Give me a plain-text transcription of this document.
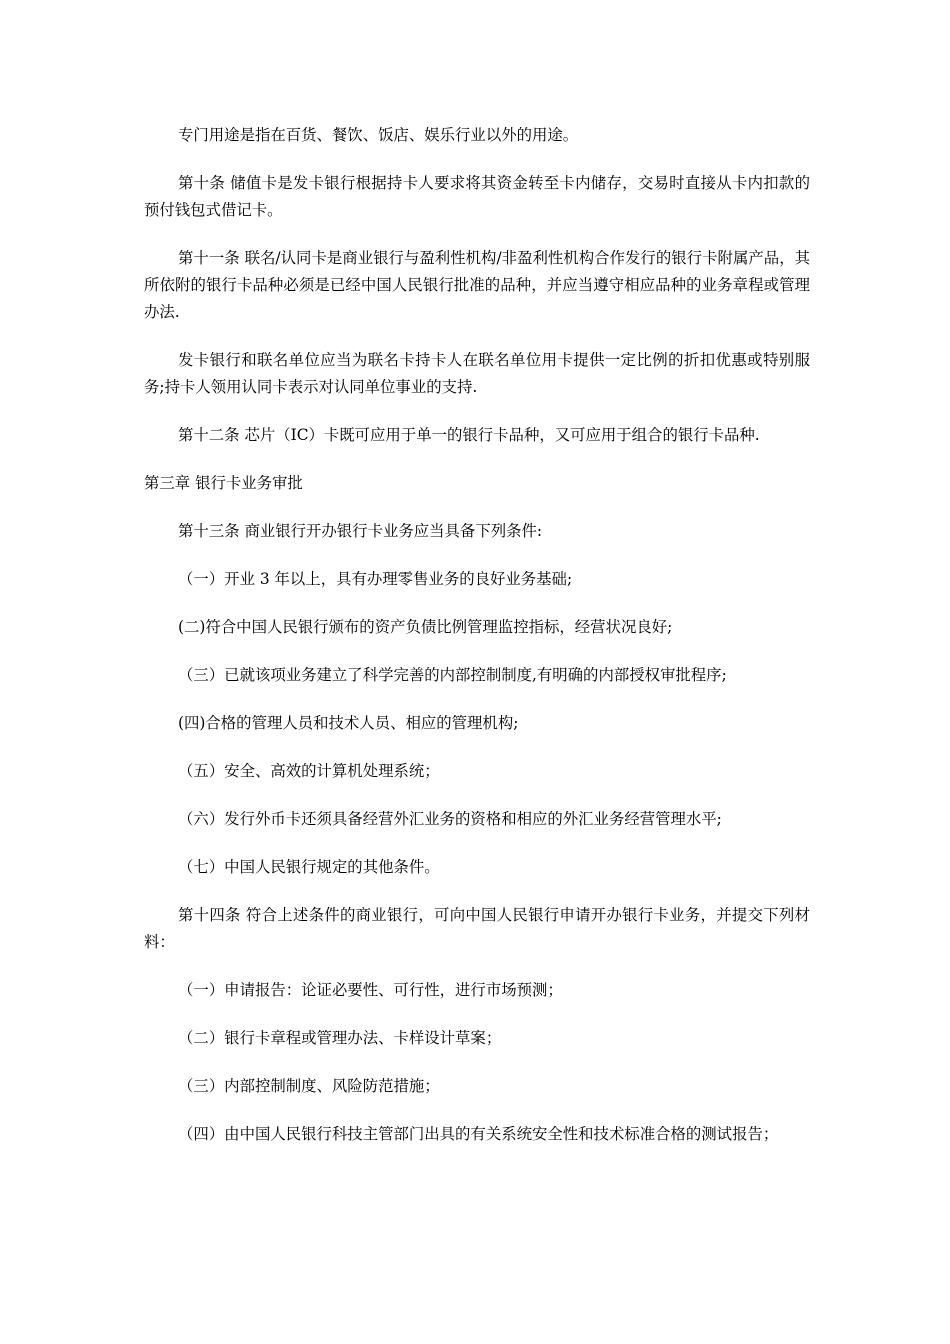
专门用途是指在百货、餐饮、饭店、娱乐行业以外的用途。

第十条 储值卡是发卡银行根据持卡人要求将其资金转至卡内储存，交易时直接从卡内扣款的预付钱包式借记卡。

第十一条 联名/认同卡是商业银行与盈利性机构/非盈利性机构合作发行的银行卡附属产品，其所依附的银行卡品种必须是已经中国人民银行批准的品种，并应当遵守相应品种的业务章程或管理办法.

发卡银行和联名单位应当为联名卡持卡人在联名单位用卡提供一定比例的折扣优惠或特别服务;持卡人领用认同卡表示对认同单位事业的支持.

第十二条 芯片（IC）卡既可应用于单一的银行卡品种，又可应用于组合的银行卡品种.

第三章 银行卡业务审批

第十三条 商业银行开办银行卡业务应当具备下列条件:

（一）开业 3 年以上，具有办理零售业务的良好业务基础;

(二)符合中国人民银行颁布的资产负债比例管理监控指标，经营状况良好;

（三）已就该项业务建立了科学完善的内部控制制度,有明确的内部授权审批程序;

(四)合格的管理人员和技术人员、相应的管理机构;

（五）安全、高效的计算机处理系统；

（六）发行外币卡还须具备经营外汇业务的资格和相应的外汇业务经营管理水平;

（七）中国人民银行规定的其他条件。

第十四条 符合上述条件的商业银行，可向中国人民银行申请开办银行卡业务，并提交下列材料：

（一）申请报告：论证必要性、可行性，进行市场预测；

（二）银行卡章程或管理办法、卡样设计草案；

（三）内部控制制度、风险防范措施；

（四）由中国人民银行科技主管部门出具的有关系统安全性和技术标准合格的测试报告；
